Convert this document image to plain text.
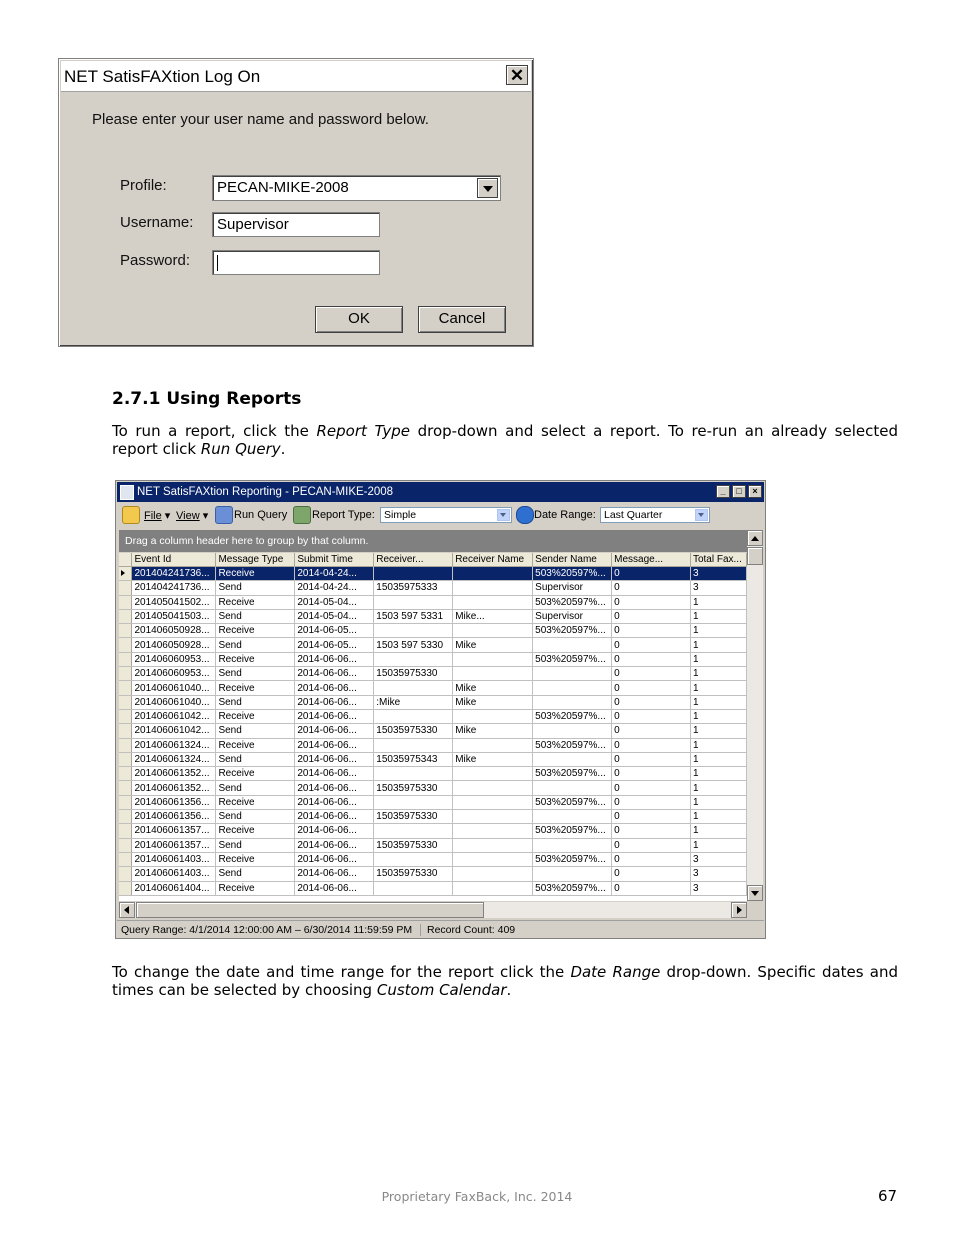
NET SatisFAXtion Log On	✕
Please enter your user name and password below.
Profile:	PECAN-MIKE-2008
Username:	Supervisor
Password:
OK	Cancel
2.7.1 Using Reports
To run a report, click the Report Type drop-down and select a report. To re-run an already selected report click Run Query.
NET SatisFAXtion Reporting - PECAN-MIKE-2008	_	□	×
File ▾ View ▾ Run Query Report Type: Simple	Date Range: Last Quarter
Drag a column header here to group by that column.
	Event Id	Message Type	Submit Time	Receiver...	Receiver Name	Sender Name	Message...	Total Fax...
	201404241736...	Receive	2014-04-24...			503%20597%...	0	3
	201404241736...	Send	2014-04-24...	15035975333		Supervisor	0	3
	201405041502...	Receive	2014-05-04...			503%20597%...	0	1
	201405041503...	Send	2014-05-04...	1503 597 5331	Mike...	Supervisor	0	1
	201406050928...	Receive	2014-06-05...			503%20597%...	0	1
	201406050928...	Send	2014-06-05...	1503 597 5330	Mike		0	1
	201406060953...	Receive	2014-06-06...			503%20597%...	0	1
	201406060953...	Send	2014-06-06...	15035975330			0	1
	201406061040...	Receive	2014-06-06...		Mike		0	1
	201406061040...	Send	2014-06-06...	:Mike	Mike		0	1
	201406061042...	Receive	2014-06-06...			503%20597%...	0	1
	201406061042...	Send	2014-06-06...	15035975330	Mike		0	1
	201406061324...	Receive	2014-06-06...			503%20597%...	0	1
	201406061324...	Send	2014-06-06...	15035975343	Mike		0	1
	201406061352...	Receive	2014-06-06...			503%20597%...	0	1
	201406061352...	Send	2014-06-06...	15035975330			0	1
	201406061356...	Receive	2014-06-06...			503%20597%...	0	1
	201406061356...	Send	2014-06-06...	15035975330			0	1
	201406061357...	Receive	2014-06-06...			503%20597%...	0	1
	201406061357...	Send	2014-06-06...	15035975330			0	1
	201406061403...	Receive	2014-06-06...			503%20597%...	0	3
	201406061403...	Send	2014-06-06...	15035975330			0	3
	201406061404...	Receive	2014-06-06...			503%20597%...	0	3
Query Range: 4/1/2014 12:00:00 AM – 6/30/2014 11:59:59 PM Record Count: 409
To change the date and time range for the report click the Date Range drop-down. Specific dates and times can be selected by choosing Custom Calendar.
Proprietary FaxBack, Inc. 2014	67
